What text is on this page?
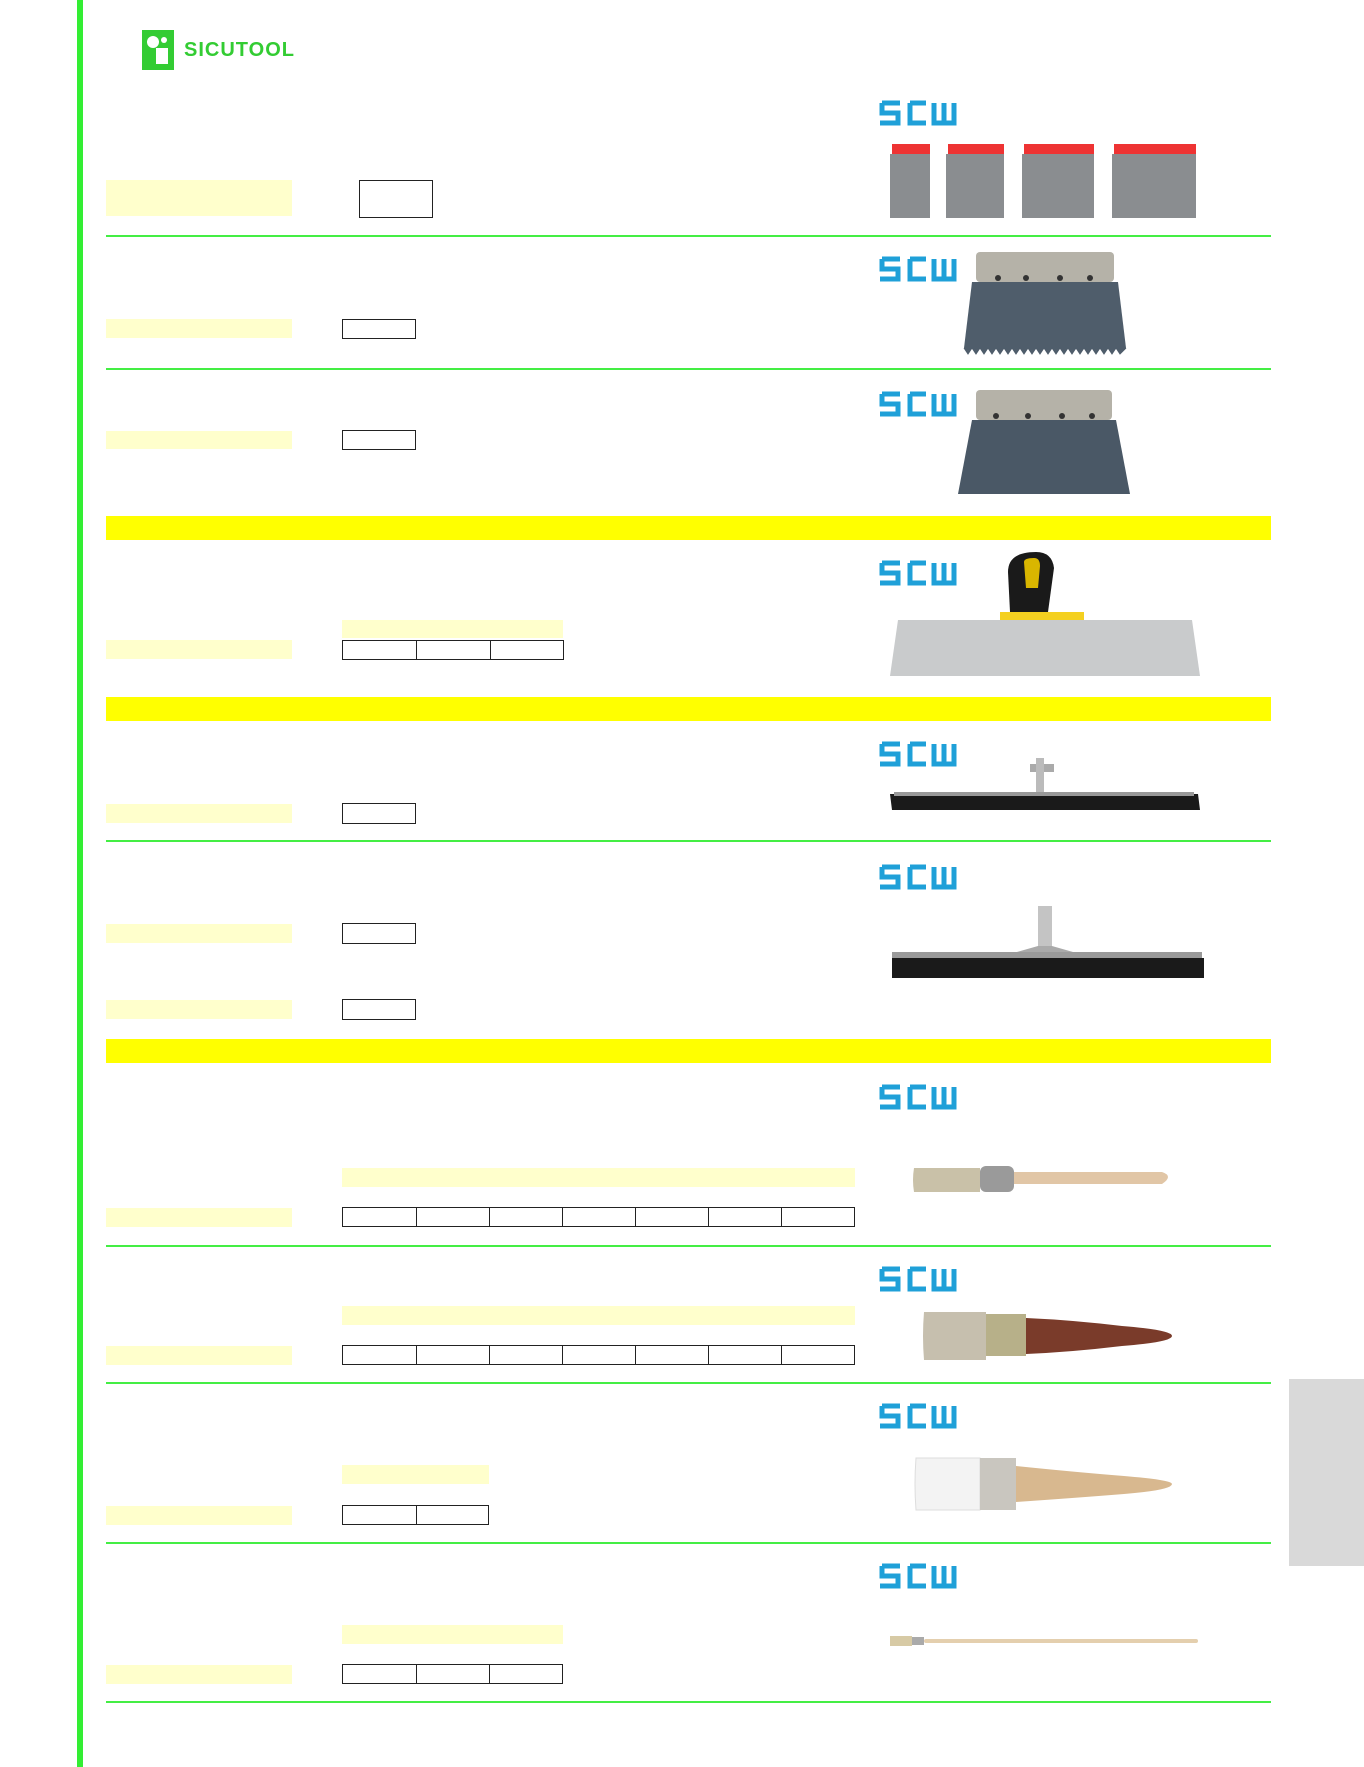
SICUTOOL
